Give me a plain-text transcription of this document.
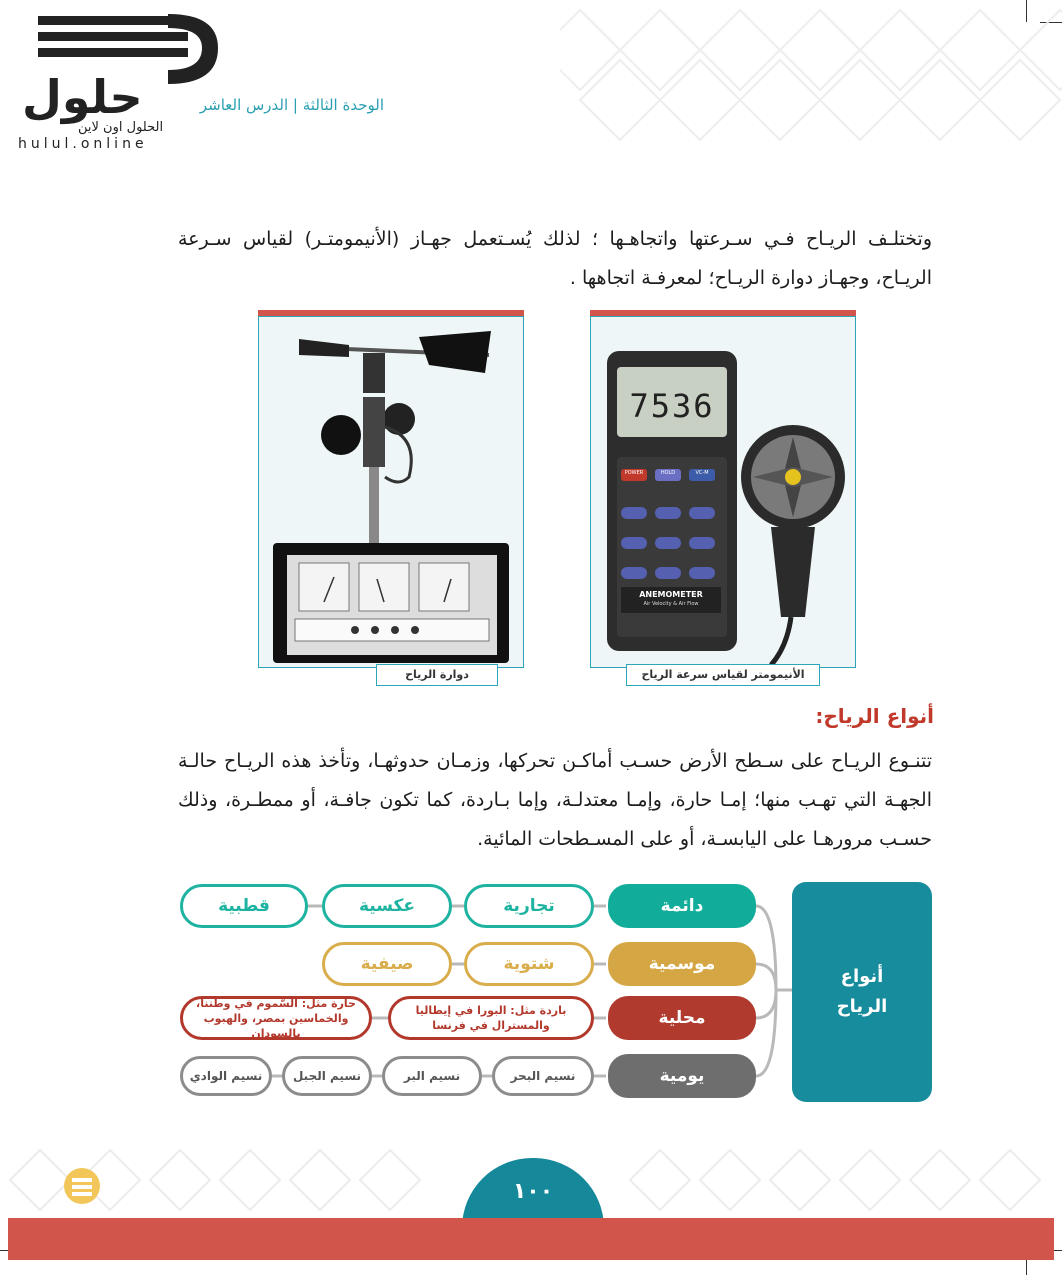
حلول
الحلول اون لاين
hulul.online
الوحدة الثالثة | الدرس العاشر
وتختلـف الريـاح فـي سـرعتها واتجاهـها ؛ لذلك يُسـتعمل جهـاز (الأنيمومتـر) لقياس سـرعة الريـاح، وجهـاز دوارة الريـاح؛ لمعرفـة اتجاهها .
دوارة الرياح
7536
POWER	HOLD	VC-M
ANEMOMETER
Air Velocity & Air Flow
الأنيمومتر لقياس سرعة الرياح
أنواع الرياح:
تتنـوع الريـاح على سـطح الأرض حسـب أماكـن تحركها، وزمـان حدوثهـا، وتأخذ هذه الريـاح حالـة الجهـة التي تهـب منها؛ إمـا حارة، وإمـا معتدلـة، وإما بـاردة، كما تكون جافـة، أو ممطـرة، وذلك حسـب مرورهـا على اليابسـة، أو على المسـطحات المائية.
أنواع
الرياح
دائمة
تجارية
عكسية
قطبية
موسمية
شتوية
صيفية
محلية
باردة مثل: البورا في إيطاليا والمسترال في فرنسا
حارة مثل: السَّموم في وطننا، والخماسين بمصر، والهبوب بالسودان
يومية
نسيم البحر
نسيم البر
نسيم الجبل
نسيم الوادي
١٠٠
